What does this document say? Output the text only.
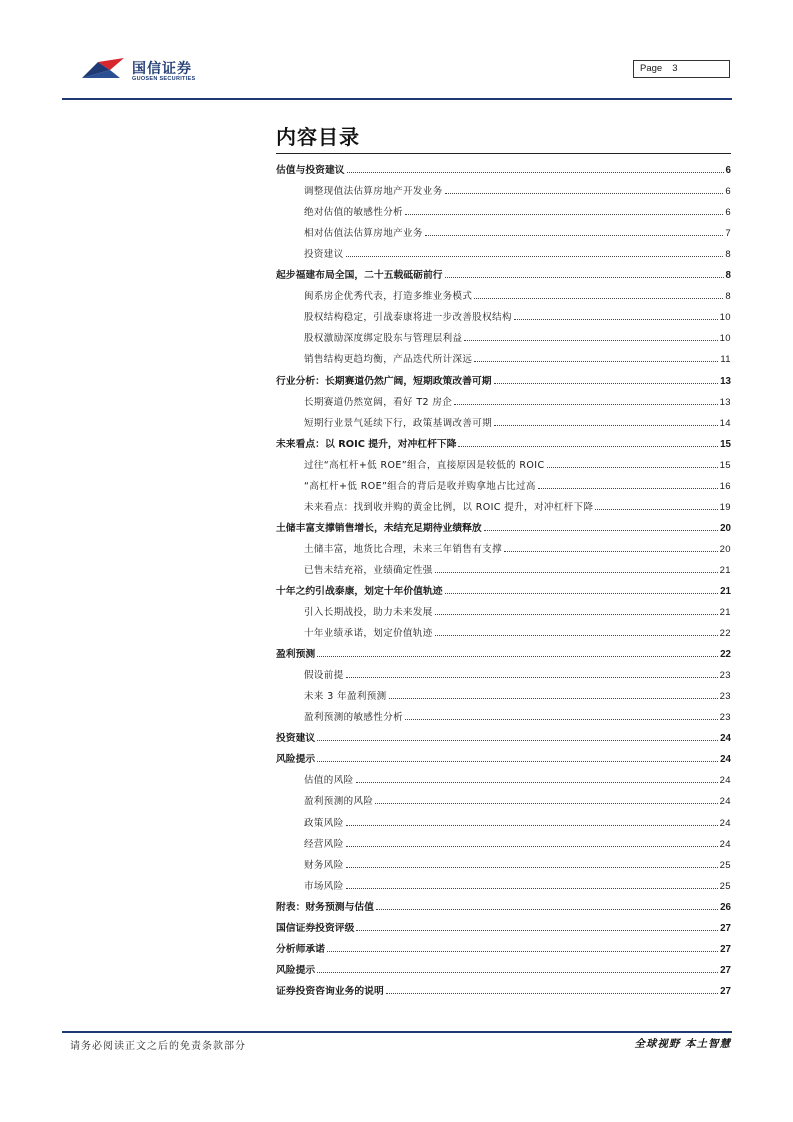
国信证券
GUOSEN SECURITIES
Page 3
内容目录
估值与投资建议	6
调整现值法估算房地产开发业务	6
绝对估值的敏感性分析	6
相对估值法估算房地产业务	7
投资建议	8
起步福建布局全国，二十五载砥砺前行	8
闽系房企优秀代表，打造多维业务模式	8
股权结构稳定，引战泰康将进一步改善股权结构	10
股权激励深度绑定股东与管理层利益	10
销售结构更趋均衡，产品迭代所计深远	11
行业分析：长期赛道仍然广阔，短期政策改善可期	13
长期赛道仍然宽阔，看好 T2 房企	13
短期行业景气延续下行，政策基调改善可期	14
未来看点：以 ROIC 提升，对冲杠杆下降	15
过往“高杠杆+低 ROE”组合，直接原因是较低的 ROIC	15
“高杠杆+低 ROE”组合的背后是收并购拿地占比过高	16
未来看点：找到收并购的黄金比例，以 ROIC 提升，对冲杠杆下降	19
土储丰富支撑销售增长，未结充足期待业绩释放	20
土储丰富，地货比合理，未来三年销售有支撑	20
已售未结充裕，业绩确定性强	21
十年之约引战泰康，划定十年价值轨迹	21
引入长期战投，助力未来发展	21
十年业绩承诺，划定价值轨迹	22
盈利预测	22
假设前提	23
未来 3 年盈利预测	23
盈利预测的敏感性分析	23
投资建议	24
风险提示	24
估值的风险	24
盈利预测的风险	24
政策风险	24
经营风险	24
财务风险	25
市场风险	25
附表：财务预测与估值	26
国信证券投资评级	27
分析师承诺	27
风险提示	27
证券投资咨询业务的说明	27
请务必阅读正文之后的免责条款部分	全球视野 本土智慧
